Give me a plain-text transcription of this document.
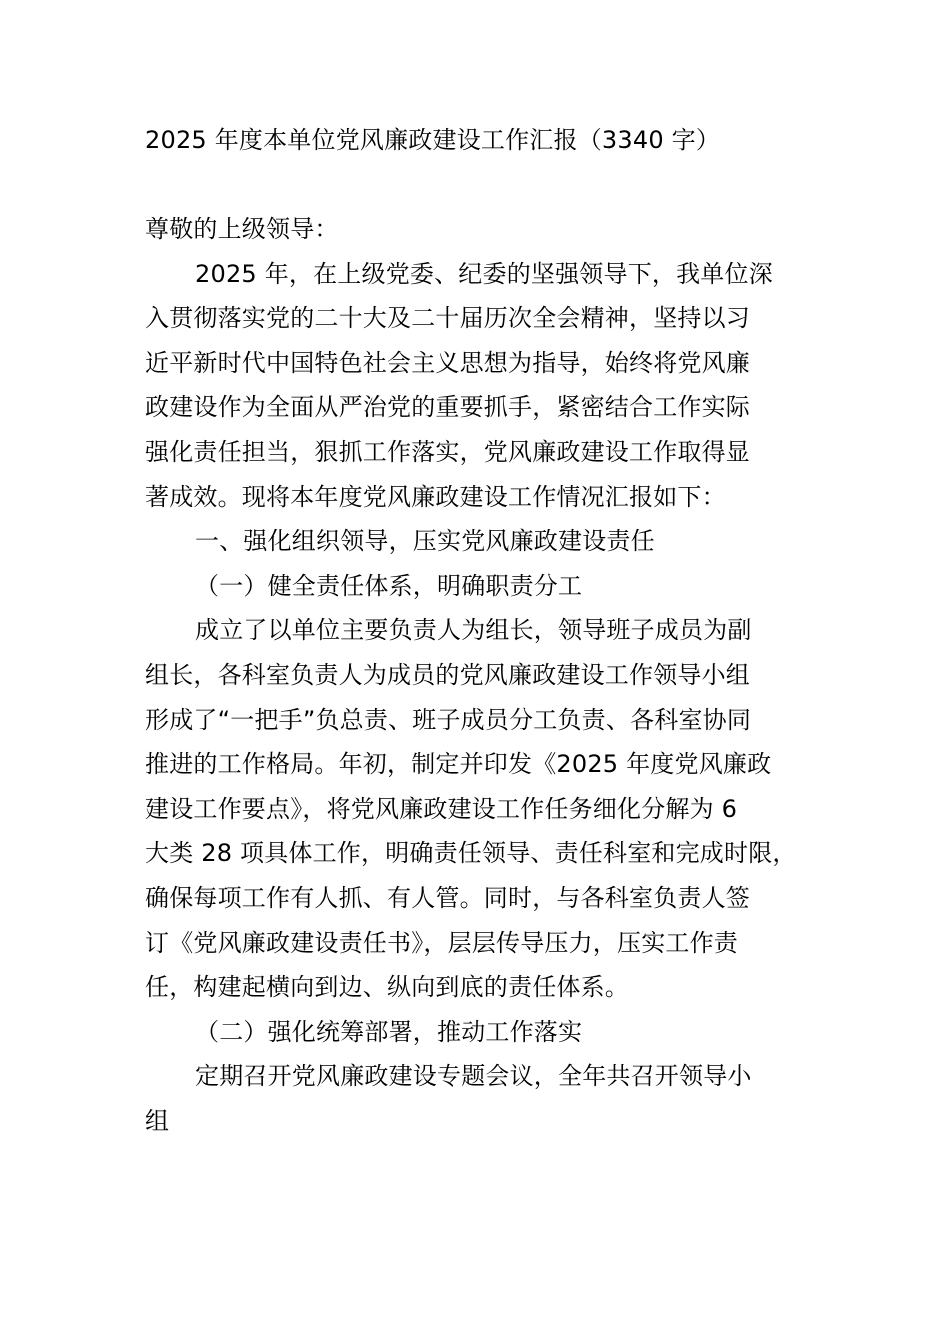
2025 年度本单位党风廉政建设工作汇报（3340 字）
尊敬的上级领导：
2025 年，在上级党委、纪委的坚强领导下，我单位深
入贯彻落实党的二十大及二十届历次全会精神，坚持以习
近平新时代中国特色社会主义思想为指导，始终将党风廉
政建设作为全面从严治党的重要抓手，紧密结合工作实际
强化责任担当，狠抓工作落实，党风廉政建设工作取得显
著成效。现将本年度党风廉政建设工作情况汇报如下：
一、强化组织领导，压实党风廉政建设责任
（一）健全责任体系，明确职责分工
成立了以单位主要负责人为组长，领导班子成员为副
组长，各科室负责人为成员的党风廉政建设工作领导小组
形成了“一把手”负总责、班子成员分工负责、各科室协同
推进的工作格局。年初，制定并印发《2025 年度党风廉政
建设工作要点》，将党风廉政建设工作任务细化分解为 6
大类 28 项具体工作，明确责任领导、责任科室和完成时限，
确保每项工作有人抓、有人管。同时，与各科室负责人签
订《党风廉政建设责任书》，层层传导压力，压实工作责
任，构建起横向到边、纵向到底的责任体系。
（二）强化统筹部署，推动工作落实
定期召开党风廉政建设专题会议，全年共召开领导小
组
